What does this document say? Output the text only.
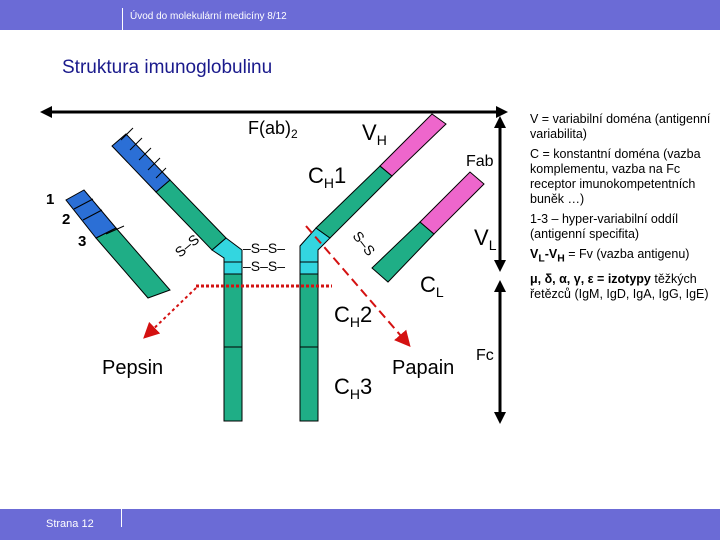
Úvod do molekulární medicíny 8/12
Struktura imunoglobulinu
S–S	S–S
–S–S–
–S–S–
$F(ab)_2$	$V_H$
Fab
$C_H1$
$V_L$
$C_L$
$C_H2$
$C_H3$
Fc
Pepsin	Papain
1
2
3

V = variabilní doména (antigenní variabilita)

C = konstantní doména (vazba komplementu, vazba na Fc receptor imunokompetentních buněk …)

1-3 – hyper-variabilní oddíl (antigenní specifita)

$V_L-V_H = Fv$ (vazba antigenu)

μ, δ, α, γ, ε = izotypy těžkých řetězců (IgM, IgD, IgA, IgG, IgE)

Strana 12
